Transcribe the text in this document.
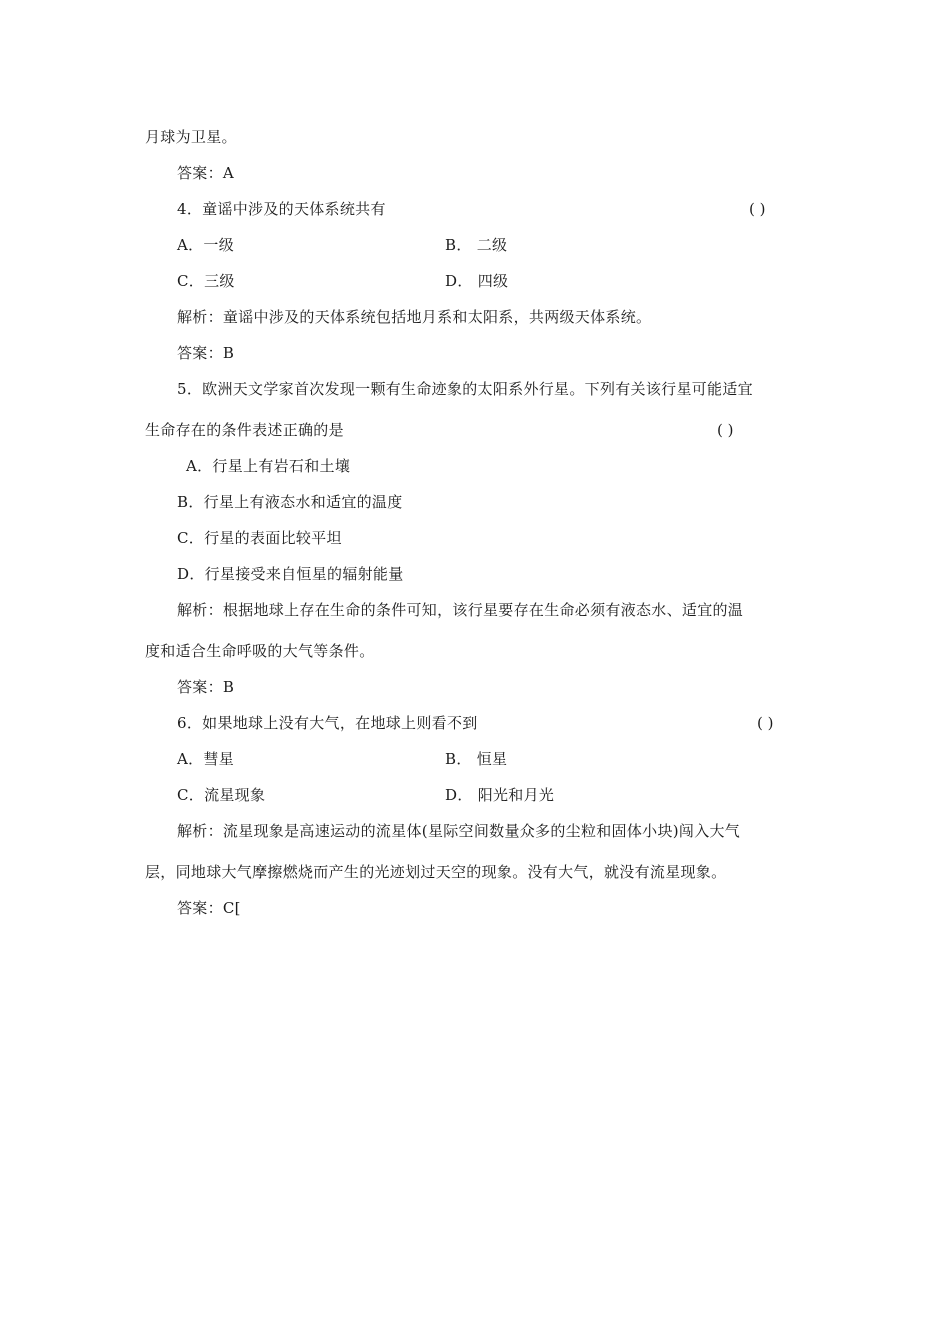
月球为卫星。
答案：A
4．童谣中涉及的天体系统共有	( )
A．一级	B． 二级
C．三级	D． 四级
解析：童谣中涉及的天体系统包括地月系和太阳系，共两级天体系统。
答案：B
5．欧洲天文学家首次发现一颗有生命迹象的太阳系外行星。下列有关该行星可能适宜
生命存在的条件表述正确的是	( )
A．行星上有岩石和土壤
B．行星上有液态水和适宜的温度
C．行星的表面比较平坦
D．行星接受来自恒星的辐射能量
解析：根据地球上存在生命的条件可知，该行星要存在生命必须有液态水、适宜的温
度和适合生命呼吸的大气等条件。
答案：B
6．如果地球上没有大气，在地球上则看不到	( )
A．彗星	B． 恒星
C．流星现象	D． 阳光和月光
解析：流星现象是高速运动的流星体(星际空间数量众多的尘粒和固体小块)闯入大气
层，同地球大气摩擦燃烧而产生的光迹划过天空的现象。没有大气，就没有流星现象。
答案：C[
